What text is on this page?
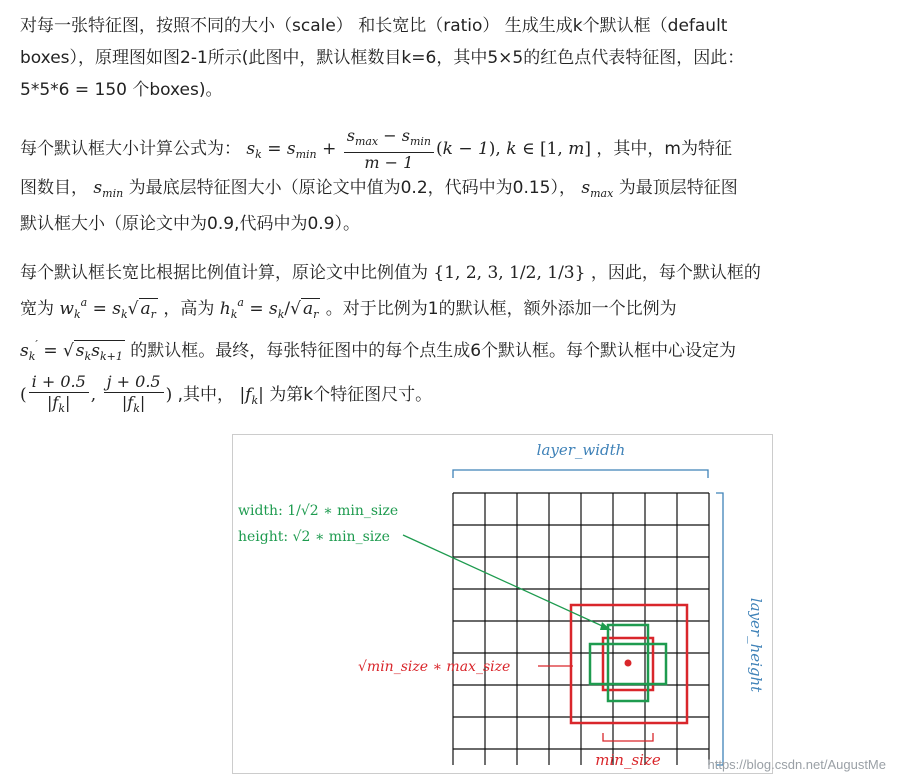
对每一张特征图，按照不同的大小（scale） 和长宽比（ratio） 生成生成k个默认框（default
boxes），原理图如图2-1所示(此图中，默认框数目k=6，其中5×5的红色点代表特征图，因此：
5*5*6 = 150 个boxes)。
每个默认框大小计算公式为： $s_k = s_{min} + \frac{s_{max} - s_{min}}{m - 1} (k - 1)$, k ∈ [1, m] ，其中，m为特征
图数目， $s_{min}$ 为最底层特征图大小（原论文中值为0.2，代码中为0.15）， $s_{max}$ 为最顶层特征图
默认框大小（原论文中为0.9,代码中为0.9）。
每个默认框长宽比根据比例值计算，原论文中比例值为 {1, 2, 3, 1/2, 1/3} ，因此，每个默认框的
宽为 $w_k^a = s_k√$ $a_r$ ，高为 $h_k^a = s_k/√$ $a_r$ 。对于比例为1的默认框，额外添加一个比例为
$s_k'$ = √ $s_ks_{k+1}$ 的默认框。最终，每张特征图中的每个点生成6个默认框。每个默认框中心设定为
( $\frac{i + 0.5}{|f_k|}$ , $\frac{j + 0.5}{|f_k|}$ ) ,其中， $|f_k|$ 为第k个特征图尺寸。
layer_width
layer_height
width: 1/√2 ∗ min_size
height: √2 ∗ min_size
√min_size ∗ max_size
min_size	https://blog.csdn.net/AugustMe
